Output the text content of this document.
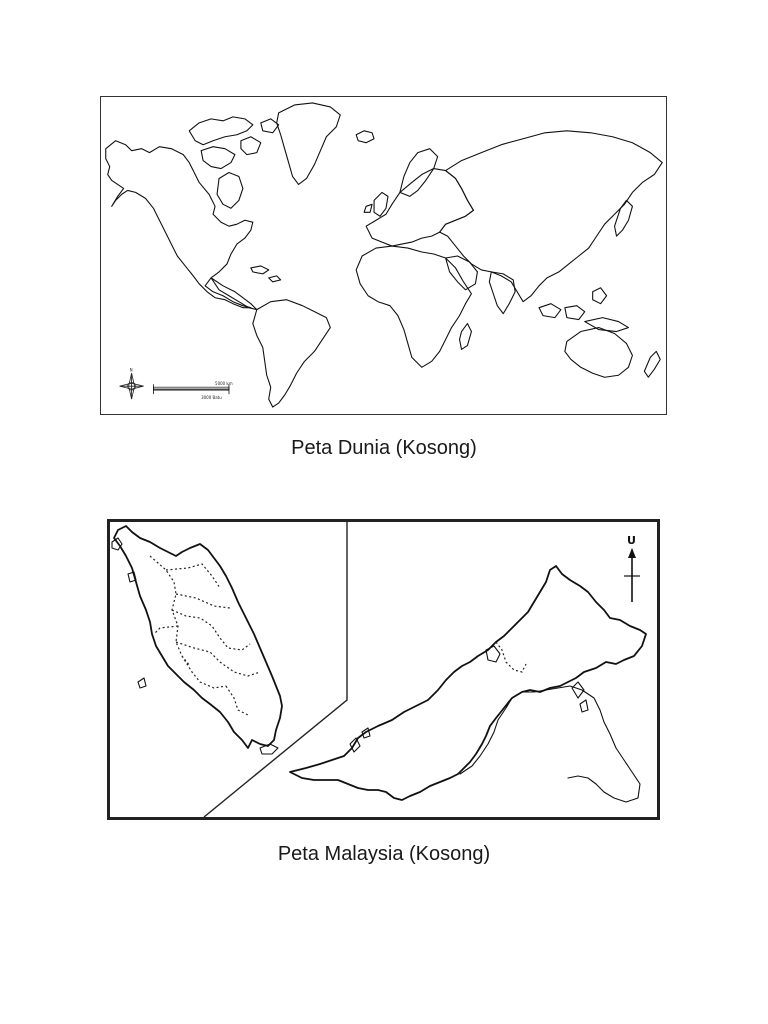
N
5000 km
3000 Batu
Peta Dunia (Kosong)
U
Peta Malaysia (Kosong)
